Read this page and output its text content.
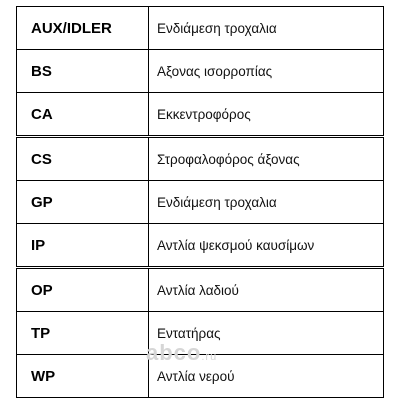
AUX/IDLER	Ενδιάμεση τροχαλια
BS	Αξονας ισορροπίας
CA	Εκκεντροφόρος
CS	Στροφαλοφόρος άξονας
GP	Ενδιάμεση τροχαλια
IP	Αντλία ψεκσμού καυσίμων
OP	Αντλία λαδιού
TP	Εντατήρας
WP	Αντλία νερού
abco.ru
